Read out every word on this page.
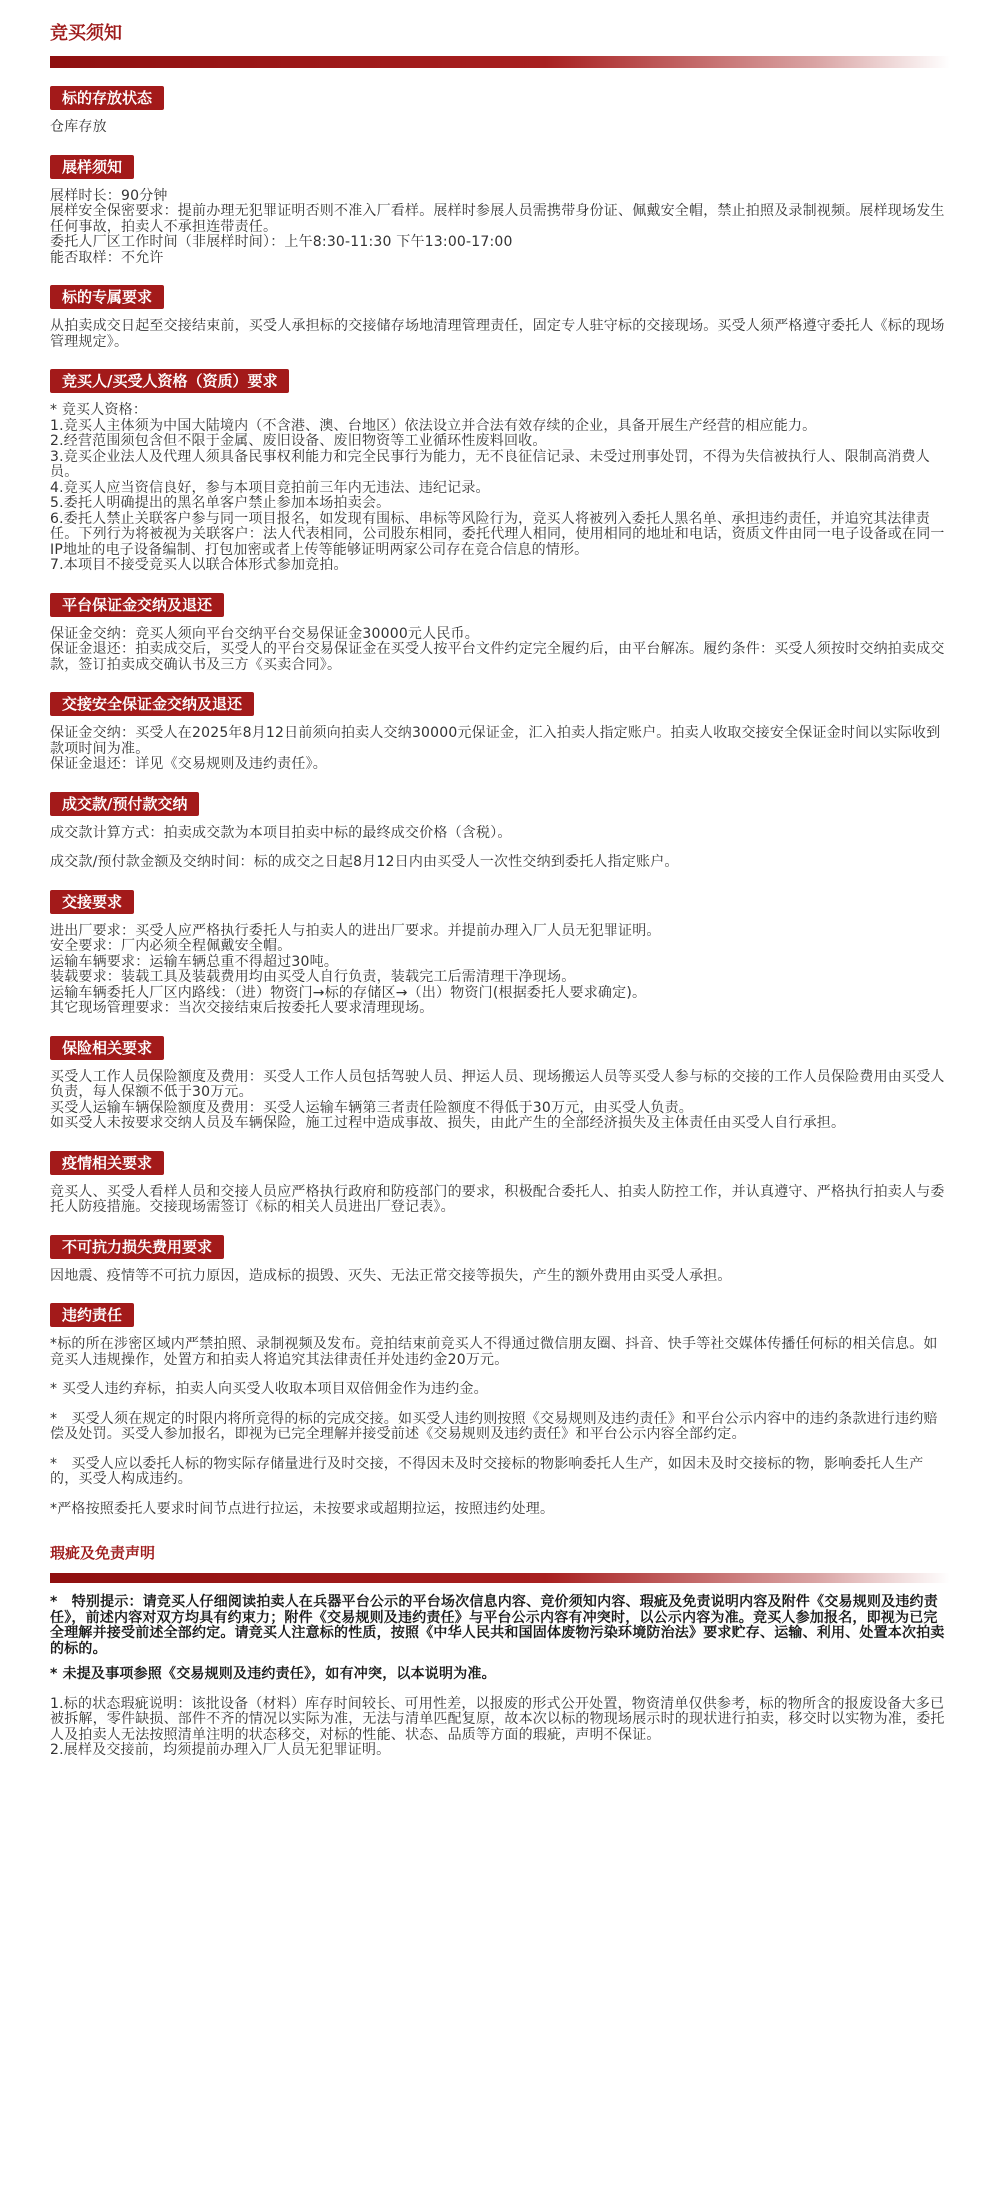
竞买须知
标的存放状态

仓库存放

展样须知

展样时长：90分钟

展样安全保密要求：提前办理无犯罪证明否则不准入厂看样。展样时参展人员需携带身份证、佩戴安全帽，禁止拍照及录制视频。展样现场发生任何事故，拍卖人不承担连带责任。

委托人厂区工作时间（非展样时间）：上午8:30-11:30 下午13:00-17:00

能否取样：不允许

标的专属要求

从拍卖成交日起至交接结束前，买受人承担标的交接储存场地清理管理责任，固定专人驻守标的交接现场。买受人须严格遵守委托人《标的现场管理规定》。

竞买人/买受人资格（资质）要求

* 竞买人资格：

1.竞买人主体须为中国大陆境内（不含港、澳、台地区）依法设立并合法有效存续的企业，具备开展生产经营的相应能力。

2.经营范围须包含但不限于金属、废旧设备、废旧物资等工业循环性废料回收。

3.竞买企业法人及代理人须具备民事权利能力和完全民事行为能力，无不良征信记录、未受过刑事处罚，不得为失信被执行人、限制高消费人员。

4.竞买人应当资信良好，参与本项目竞拍前三年内无违法、违纪记录。

5.委托人明确提出的黑名单客户禁止参加本场拍卖会。

6.委托人禁止关联客户参与同一项目报名，如发现有围标、串标等风险行为，竞买人将被列入委托人黑名单、承担违约责任，并追究其法律责任。下列行为将被视为关联客户：法人代表相同，公司股东相同，委托代理人相同，使用相同的地址和电话，资质文件由同一电子设备或在同一IP地址的电子设备编制、打包加密或者上传等能够证明两家公司存在竞合信息的情形。

7.本项目不接受竞买人以联合体形式参加竞拍。

平台保证金交纳及退还

保证金交纳：竞买人须向平台交纳平台交易保证金30000元人民币。

保证金退还：拍卖成交后，买受人的平台交易保证金在买受人按平台文件约定完全履约后，由平台解冻。履约条件：买受人须按时交纳拍卖成交款，签订拍卖成交确认书及三方《买卖合同》。

交接安全保证金交纳及退还

保证金交纳：买受人在2025年8月12日前须向拍卖人交纳30000元保证金，汇入拍卖人指定账户。拍卖人收取交接安全保证金时间以实际收到款项时间为准。

保证金退还：详见《交易规则及违约责任》。

成交款/预付款交纳

成交款计算方式：拍卖成交款为本项目拍卖中标的最终成交价格（含税）。

成交款/预付款金额及交纳时间：标的成交之日起8月12日内由买受人一次性交纳到委托人指定账户。

交接要求

进出厂要求：买受人应严格执行委托人与拍卖人的进出厂要求。并提前办理入厂人员无犯罪证明。

安全要求：厂内必须全程佩戴安全帽。

运输车辆要求：运输车辆总重不得超过30吨。

装载要求：装载工具及装载费用均由买受人自行负责，装载完工后需清理干净现场。

运输车辆委托人厂区内路线：（进）物资门→标的存储区→（出）物资门(根据委托人要求确定)。

其它现场管理要求：当次交接结束后按委托人要求清理现场。

保险相关要求

买受人工作人员保险额度及费用：买受人工作人员包括驾驶人员、押运人员、现场搬运人员等买受人参与标的交接的工作人员保险费用由买受人负责，每人保额不低于30万元。

买受人运输车辆保险额度及费用：买受人运输车辆第三者责任险额度不得低于30万元，由买受人负责。

如买受人未按要求交纳人员及车辆保险，施工过程中造成事故、损失，由此产生的全部经济损失及主体责任由买受人自行承担。

疫情相关要求

竞买人、买受人看样人员和交接人员应严格执行政府和防疫部门的要求，积极配合委托人、拍卖人防控工作，并认真遵守、严格执行拍卖人与委托人防疫措施。交接现场需签订《标的相关人员进出厂登记表》。

不可抗力损失费用要求

因地震、疫情等不可抗力原因，造成标的损毁、灭失、无法正常交接等损失，产生的额外费用由买受人承担。

违约责任

*标的所在涉密区域内严禁拍照、录制视频及发布。竞拍结束前竞买人不得通过微信朋友圈、抖音、快手等社交媒体传播任何标的相关信息。如竞买人违规操作，处置方和拍卖人将追究其法律责任并处违约金20万元。

* 买受人违约弃标，拍卖人向买受人收取本项目双倍佣金作为违约金。

*　买受人须在规定的时限内将所竞得的标的完成交接。如买受人违约则按照《交易规则及违约责任》和平台公示内容中的违约条款进行违约赔偿及处罚。买受人参加报名，即视为已完全理解并接受前述《交易规则及违约责任》和平台公示内容全部约定。

*　买受人应以委托人标的物实际存储量进行及时交接，不得因未及时交接标的物影响委托人生产，如因未及时交接标的物，影响委托人生产的，买受人构成违约。

*严格按照委托人要求时间节点进行拉运，未按要求或超期拉运，按照违约处理。

瑕疵及免责声明

*　特别提示：请竞买人仔细阅读拍卖人在兵器平台公示的平台场次信息内容、竞价须知内容、瑕疵及免责说明内容及附件《交易规则及违约责任》，前述内容对双方均具有约束力；附件《交易规则及违约责任》与平台公示内容有冲突时，以公示内容为准。竞买人参加报名，即视为已完全理解并接受前述全部约定。请竞买人注意标的性质，按照《中华人民共和国固体废物污染环境防治法》要求贮存、运输、利用、处置本次拍卖的标的。

* 未提及事项参照《交易规则及违约责任》，如有冲突，以本说明为准。

1.标的状态瑕疵说明：该批设备（材料）库存时间较长、可用性差，以报废的形式公开处置，物资清单仅供参考，标的物所含的报废设备大多已被拆解，零件缺损、部件不齐的情况以实际为准，无法与清单匹配复原，故本次以标的物现场展示时的现状进行拍卖，移交时以实物为准，委托人及拍卖人无法按照清单注明的状态移交，对标的性能、状态、品质等方面的瑕疵，声明不保证。

2.展样及交接前，均须提前办理入厂人员无犯罪证明。
